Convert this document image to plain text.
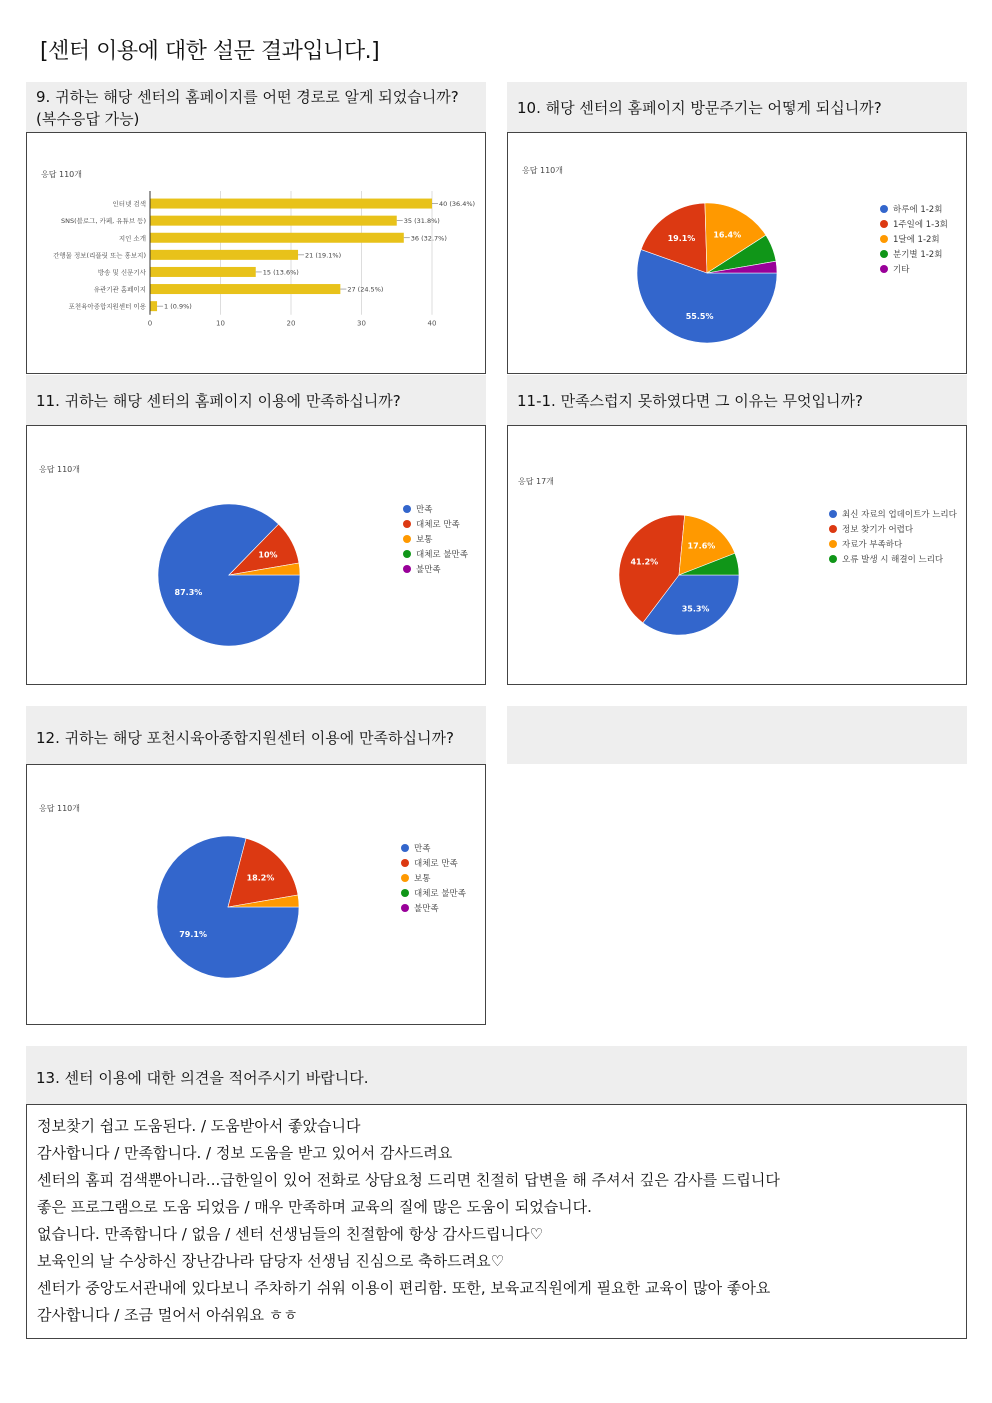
[센터 이용에 대한 설문 결과입니다.]
9. 귀하는 해당 센터의 홈페이지를 어떤 경로로 알게 되었습니까?
(복수응답 가능)
응답 110개
0	10	20	30	40
인터넷 검색	40 (36.4%)
SNS(블로그, 카페, 유튜브 등)	35 (31.8%)
지인 소개	36 (32.7%)
간행물 정보(리플릿 또는 홍보지)	21 (19.1%)
방송 및 신문기사	15 (13.6%)
유관기관 홈페이지	27 (24.5%)
포천육아종합지원센터 이용	1 (0.9%)
10. 해당 센터의 홈페이지 방문주기는 어떻게 되십니까?
응답 110개
55.5%
19.1% 16.4%
하루에 1-2회
1주일에 1-3회
1달에 1-2회
분기별 1-2회
기타
11. 귀하는 해당 센터의 홈페이지 이용에 만족하십니까?
응답 110개
87.3%
10%
만족
대체로 만족
보통
대체로 불만족
불만족
11-1. 만족스럽지 못하였다면 그 이유는 무엇입니까?
응답 17개
35.3%
41.2%
17.6%
최신 자료의 업데이트가 느리다
정보 찾기가 어렵다
자료가 부족하다
오류 발생 시 해결이 느리다
12. 귀하는 해당 포천시육아종합지원센터 이용에 만족하십니까?
응답 110개
79.1%
18.2%
만족
대체로 만족
보통
대체로 불만족
불만족
13. 센터 이용에 대한 의견을 적어주시기 바랍니다.
정보찾기 쉽고 도움된다. / 도움받아서 좋았습니다
감사합니다 / 만족합니다. / 정보 도움을 받고 있어서 감사드려요
센터의 홈피 검색뿐아니라...급한일이 있어 전화로 상담요청 드리면 친절히 답변을 해 주셔서 깊은 감사를 드립니다
좋은 프로그램으로 도움 되었음 / 매우 만족하며 교육의 질에 많은 도움이 되었습니다.
없습니다. 만족합니다 / 없음 / 센터 선생님들의 친절함에 항상 감사드립니다♡
보육인의 날 수상하신 장난감나라 담당자 선생님 진심으로 축하드려요♡
센터가 중앙도서관내에 있다보니 주차하기 쉬워 이용이 편리함. 또한, 보육교직원에게 필요한 교육이 많아 좋아요
감사합니다 / 조금 멀어서 아쉬워요 ㅎㅎ
